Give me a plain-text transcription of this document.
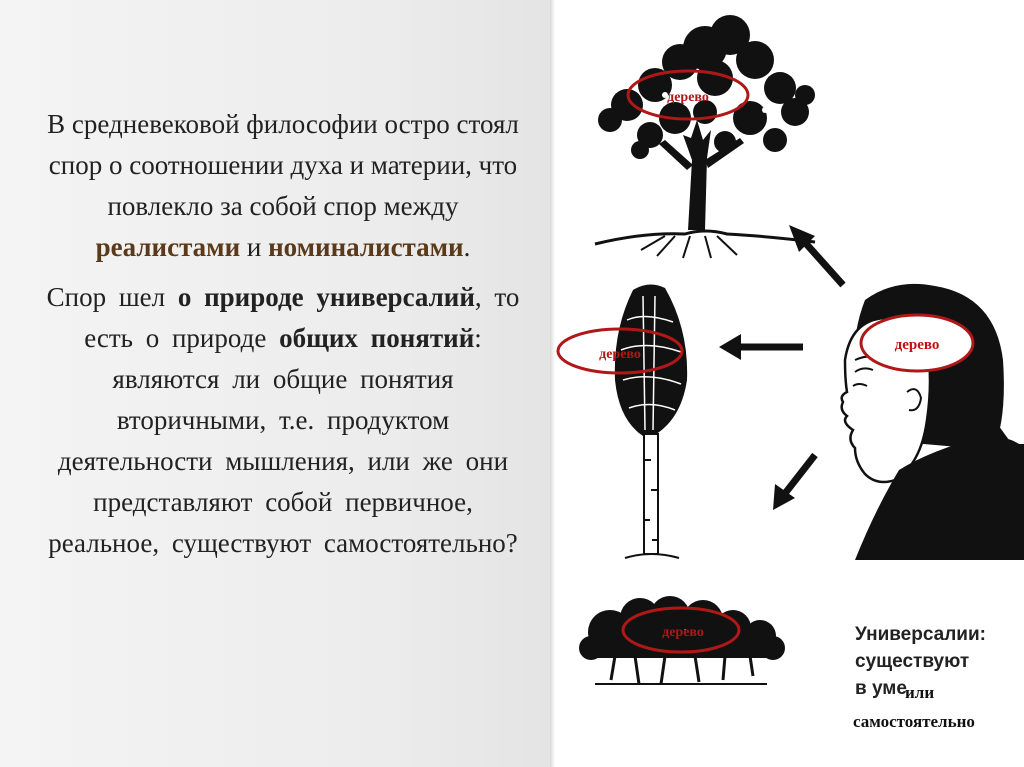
В средневековой философии остро стоял спор о соотношении духа и материи, что повлекло за собой спор между реалистами и номиналистами.

Спор шел о природе универсалий, то есть о природе общих понятий: являются ли общие понятия вторичными, т.е. продуктом деятельности мышления, или же они представляют собой первичное, реальное, существуют самостоятельно?

дерево
дерево
дерево
дерево	Универсалии:
существуют
в уме
или
самостоятельно
